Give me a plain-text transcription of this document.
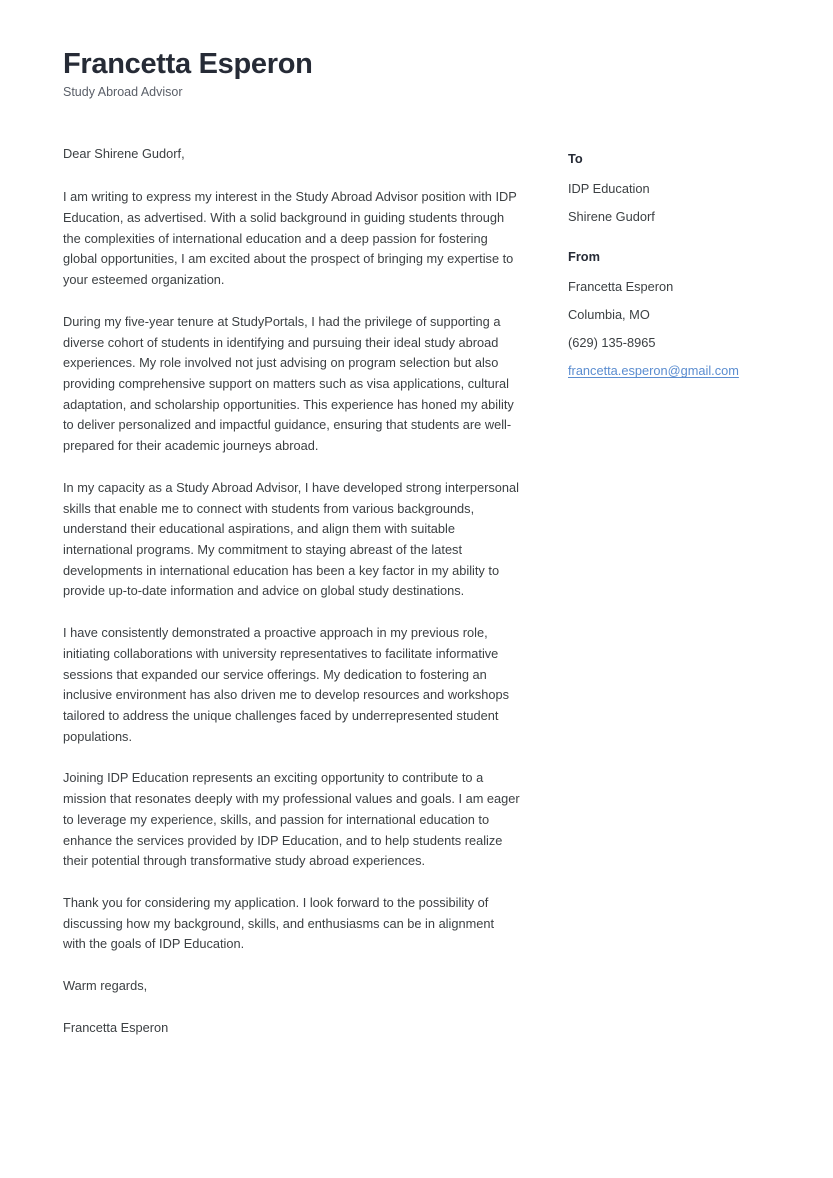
Francetta Esperon
Study Abroad Advisor

Dear Shirene Gudorf,

I am writing to express my interest in the Study Abroad Advisor position with IDP Education, as advertised. With a solid background in guiding students through the complexities of international education and a deep passion for fostering global opportunities, I am excited about the prospect of bringing my expertise to your esteemed organization.

During my five-year tenure at StudyPortals, I had the privilege of supporting a diverse cohort of students in identifying and pursuing their ideal study abroad experiences. My role involved not just advising on program selection but also providing comprehensive support on matters such as visa applications, cultural adaptation, and scholarship opportunities. This experience has honed my ability to deliver personalized and impactful guidance, ensuring that students are well-prepared for their academic journeys abroad.

In my capacity as a Study Abroad Advisor, I have developed strong interpersonal skills that enable me to connect with students from various backgrounds, understand their educational aspirations, and align them with suitable international programs. My commitment to staying abreast of the latest developments in international education has been a key factor in my ability to provide up-to-date information and advice on global study destinations.

I have consistently demonstrated a proactive approach in my previous role, initiating collaborations with university representatives to facilitate informative sessions that expanded our service offerings. My dedication to fostering an inclusive environment has also driven me to develop resources and workshops tailored to address the unique challenges faced by underrepresented student populations.

Joining IDP Education represents an exciting opportunity to contribute to a mission that resonates deeply with my professional values and goals. I am eager to leverage my experience, skills, and passion for international education to enhance the services provided by IDP Education, and to help students realize their potential through transformative study abroad experiences.

Thank you for considering my application. I look forward to the possibility of discussing how my background, skills, and enthusiasms can be in alignment with the goals of IDP Education.

Warm regards,

Francetta Esperon

To
IDP Education
Shirene Gudorf
From
Francetta Esperon
Columbia, MO
(629) 135-8965
francetta.esperon@gmail.com
